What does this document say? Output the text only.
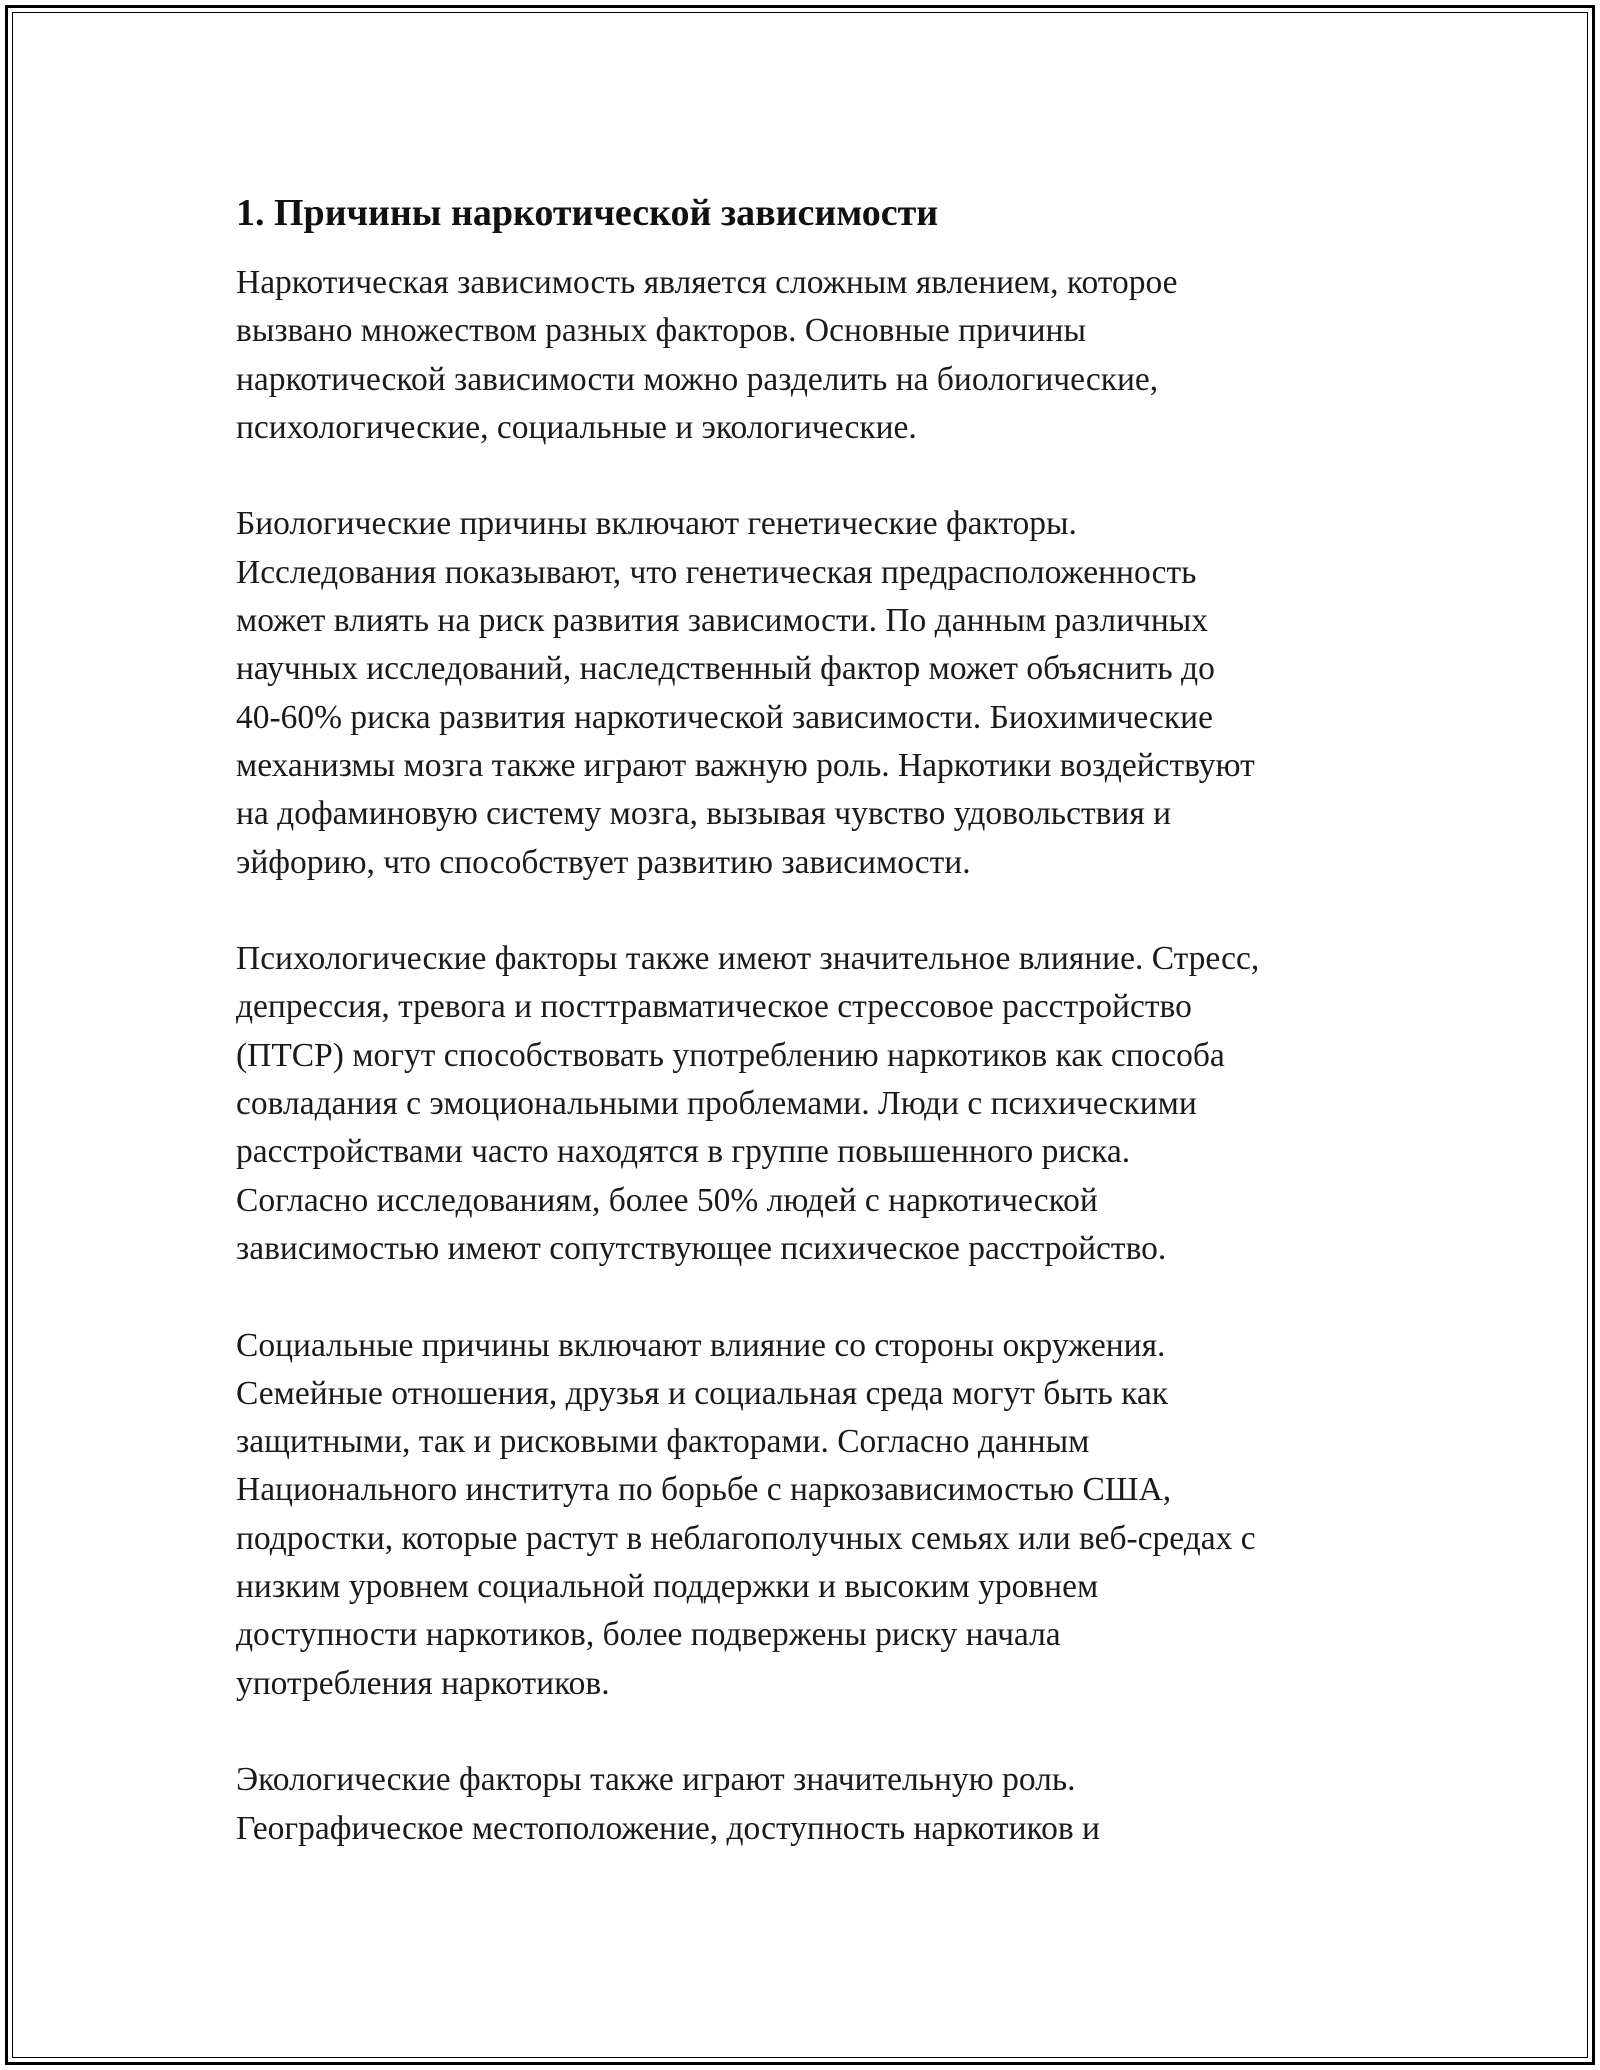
1. Причины наркотической зависимости
Наркотическая зависимость является сложным явлением, которое
вызвано множеством разных факторов. Основные причины
наркотической зависимости можно разделить на биологические,
психологические, социальные и экологические.
Биологические причины включают генетические факторы.
Исследования показывают, что генетическая предрасположенность
может влиять на риск развития зависимости. По данным различных
научных исследований, наследственный фактор может объяснить до
40-60% риска развития наркотической зависимости. Биохимические
механизмы мозга также играют важную роль. Наркотики воздействуют
на дофаминовую систему мозга, вызывая чувство удовольствия и
эйфорию, что способствует развитию зависимости.
Психологические факторы также имеют значительное влияние. Стресс,
депрессия, тревога и посттравматическое стрессовое расстройство
(ПТСР) могут способствовать употреблению наркотиков как способа
совладания с эмоциональными проблемами. Люди с психическими
расстройствами часто находятся в группе повышенного риска.
Согласно исследованиям, более 50% людей с наркотической
зависимостью имеют сопутствующее психическое расстройство.
Социальные причины включают влияние со стороны окружения.
Семейные отношения, друзья и социальная среда могут быть как
защитными, так и рисковыми факторами. Согласно данным
Национального института по борьбе с наркозависимостью США,
подростки, которые растут в неблагополучных семьях или веб-средах с
низким уровнем социальной поддержки и высоким уровнем
доступности наркотиков, более подвержены риску начала
употребления наркотиков.
Экологические факторы также играют значительную роль.
Географическое местоположение, доступность наркотиков и
